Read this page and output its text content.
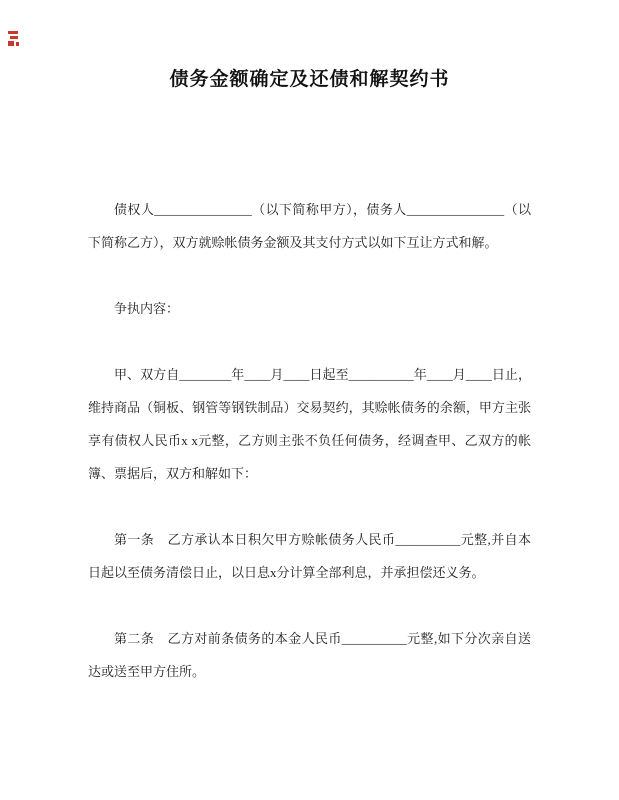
债务金额确定及还债和解契约书

债权人_______________（以下简称甲方），债务人_______________（以下简称乙方），双方就赊帐债务金额及其支付方式以如下互让方式和解。

争执内容：

甲、双方自________年____月____日起至__________年____月____日止，维持商品（铜板、钢管等钢铁制品）交易契约，其赊帐债务的余额，甲方主张享有债权人民币x x元整，乙方则主张不负任何债务，经调查甲、乙双方的帐簿、票据后，双方和解如下：

第一条　乙方承认本日积欠甲方赊帐债务人民币__________元整,并自本日起以至债务清偿日止，以日息x分计算全部利息，并承担偿还义务。

第二条　乙方对前条债务的本金人民币__________元整,如下分次亲自送达或送至甲方住所。
